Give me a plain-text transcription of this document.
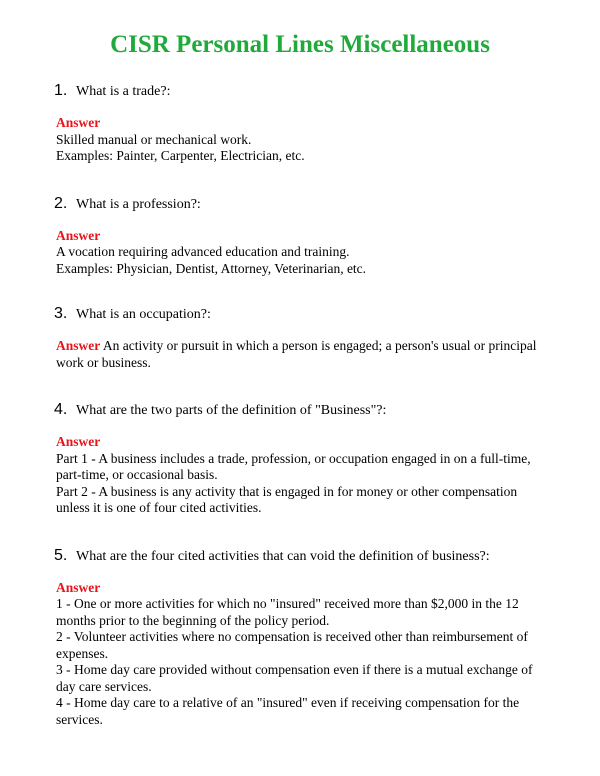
CISR Personal Lines Miscellaneous
1. What is a trade?:
Answer
Skilled manual or mechanical work.
Examples: Painter, Carpenter, Electrician, etc.
2. What is a profession?:
Answer
A vocation requiring advanced education and training.
Examples: Physician, Dentist, Attorney, Veterinarian, etc.
3. What is an occupation?:
Answer An activity or pursuit in which a person is engaged; a person's usual or principal work or business.
4. What are the two parts of the definition of "Business"?:
Answer
Part 1 - A business includes a trade, profession, or occupation engaged in on a full-time, part-time, or occasional basis.
Part 2 - A business is any activity that is engaged in for money or other compensation unless it is one of four cited activities.
5. What are the four cited activities that can void the definition of business?:
Answer
1 - One or more activities for which no "insured" received more than $2,000 in the 12 months prior to the beginning of the policy period.
2 - Volunteer activities where no compensation is received other than reimbursement of expenses.
3 - Home day care provided without compensation even if there is a mutual exchange of day care services.
4 - Home day care to a relative of an "insured" even if receiving compensation for the services.
